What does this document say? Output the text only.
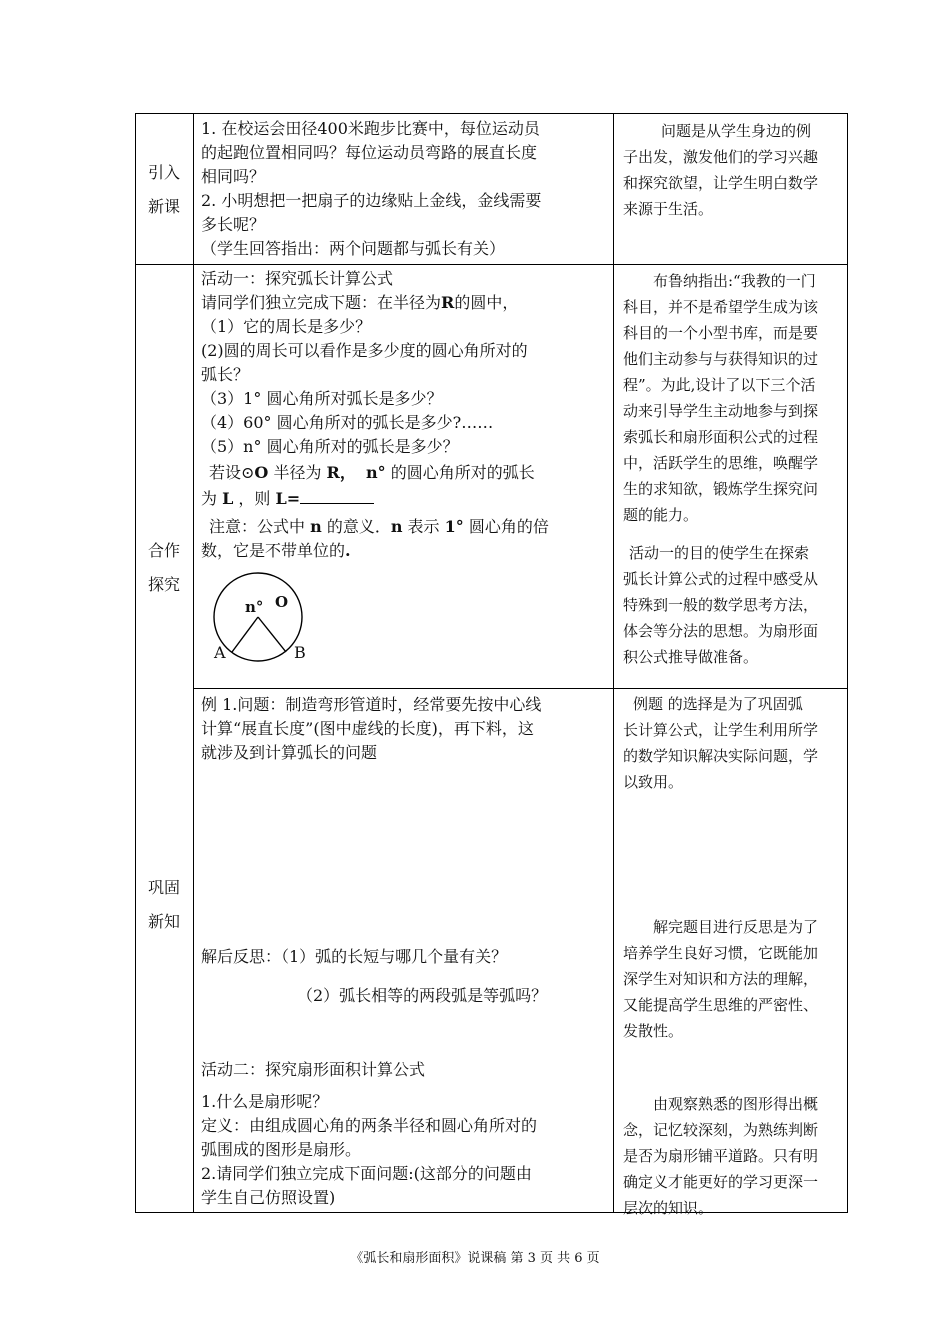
引入
新课
合作
探究
巩固
新知
1. 在校运会田径400米跑步比赛中，每位运动员
的起跑位置相同吗？每位运动员弯路的展直长度
相同吗？
2. 小明想把一把扇子的边缘贴上金线，金线需要
多长呢？
（学生回答指出：两个问题都与弧长有关）
问题是从学生身边的例
子出发，激发他们的学习兴趣
和探究欲望，让学生明白数学
来源于生活。
活动一：探究弧长计算公式
请同学们独立完成下题：在半径为R的圆中，
（1）它的周长是多少？
(2)圆的周长可以看作是多少度的圆心角所对的
弧长？
（3）1° 圆心角所对弧长是多少？
（4）60° 圆心角所对的弧长是多少?……
（5）n° 圆心角所对的弧长是多少？
若设⊙O 半径为 R， n° 的圆心角所对的弧长
为 L ，则 L=
注意：公式中 n 的意义．n 表示 1° 圆心角的倍
数，它是不带单位的.
n° O
A	B
布鲁纳指出:“我教的一门
科目，并不是希望学生成为该
科目的一个小型书库，而是要
他们主动参与与获得知识的过
程”。为此,设计了以下三个活
动来引导学生主动地参与到探
索弧长和扇形面积公式的过程
中，活跃学生的思维，唤醒学
生的求知欲，锻炼学生探究问
题的能力。
活动一的目的使学生在探索
弧长计算公式的过程中感受从
特殊到一般的数学思考方法，
体会等分法的思想。为扇形面
积公式推导做准备。
例 1.问题：制造弯形管道时，经常要先按中心线
计算“展直长度”(图中虚线的长度)，再下料，这
就涉及到计算弧长的问题
例题 的选择是为了巩固弧
长计算公式，让学生利用所学
的数学知识解决实际问题，学
以致用。
解后反思：（1）弧的长短与哪几个量有关？
（2）弧长相等的两段弧是等弧吗？
解完题目进行反思是为了
培养学生良好习惯，它既能加
深学生对知识和方法的理解，
又能提高学生思维的严密性、
发散性。
活动二：探究扇形面积计算公式
1.什么是扇形呢？
定义：由组成圆心角的两条半径和圆心角所对的
弧围成的图形是扇形。
2.请同学们独立完成下面问题:(这部分的问题由
学生自己仿照设置)
由观察熟悉的图形得出概
念，记忆较深刻，为熟练判断
是否为扇形铺平道路。只有明
确定义才能更好的学习更深一
层次的知识。
《弧长和扇形面积》说课稿 第 3 页 共 6 页
